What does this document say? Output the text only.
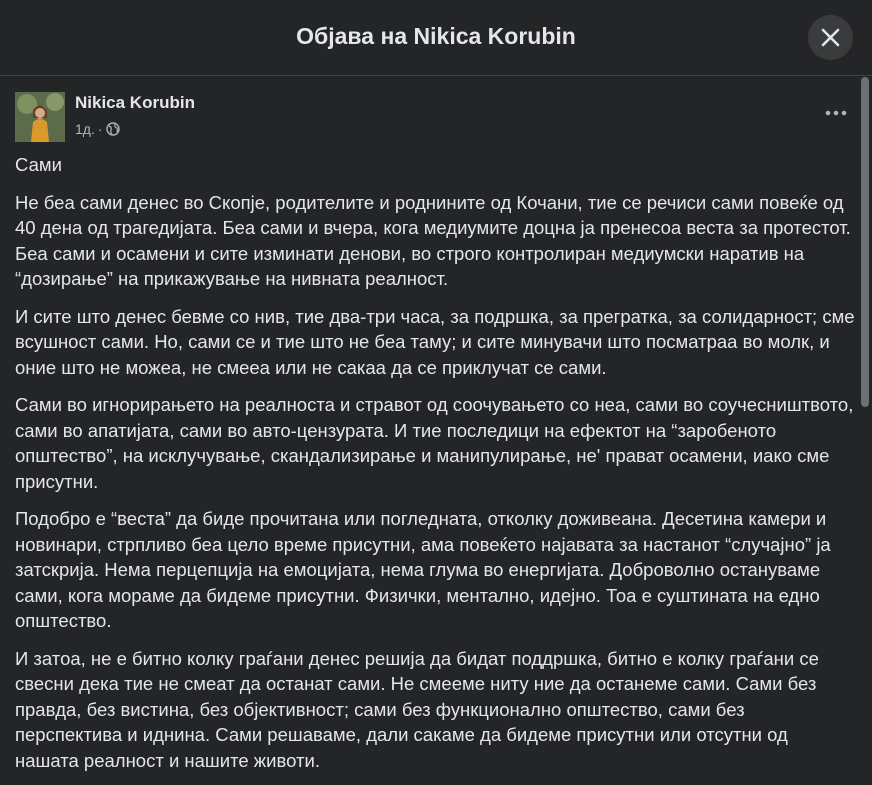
Објава на Nikica Korubin
Nikica Korubin
1д. ·

Сами

Не беа сами денес во Скопје, родителите и роднините од Кочани, тие се речиси сами повеќе од 40 дена од трагедијата. Беа сами и вчера, кога медиумите доцна ја пренесоа веста за протестот. Беа сами и осамени и сите изминати денови, во строго контролиран медиумски наратив на “дозирање” на прикажување на нивната реалност.

И сите што денес бевме со нив, тие два-три часа, за подршка, за прегратка, за солидарност; сме всушност сами. Но, сами се и тие што не беа таму; и сите минувачи што посматраа во молк, и оние што не можеа, не смееа или не сакаа да се приклучат се сами.

Сами во игнорирањето на реалноста и стравот од соочувањето со неа, сами во соучесништвото, сами во апатијата, сами во авто-цензурата. И тие последици на ефектот на “заробеното општество”, на исклучување, скандализирање и манипулирање, не' прават осамени, иако сме присутни.

Подобро е “веста” да биде прочитана или погледната, отколку доживеана. Десетина камери и новинари, стрпливо беа цело време присутни, ама повеќето најавата за настанот “случајно” ја затскрија. Нема перцепција на емоцијата, нема глума во енергијата. Доброволно остануваме сами, кога мораме да бидеме присутни. Физички, ментално, идејно. Тоа е суштината на едно општество.

И затоа, не е битно колку граѓани денес решија да бидат поддршка, битно е колку граѓани се свесни дека тие не смеат да останат сами. Не смееме ниту ние да останеме сами. Сами без правда, без вистина, без објективност; сами без функционално општество, сами без перспектива и иднина. Сами решаваме, дали сакаме да бидеме присутни или отсутни од нашата реалност и нашите животи.
